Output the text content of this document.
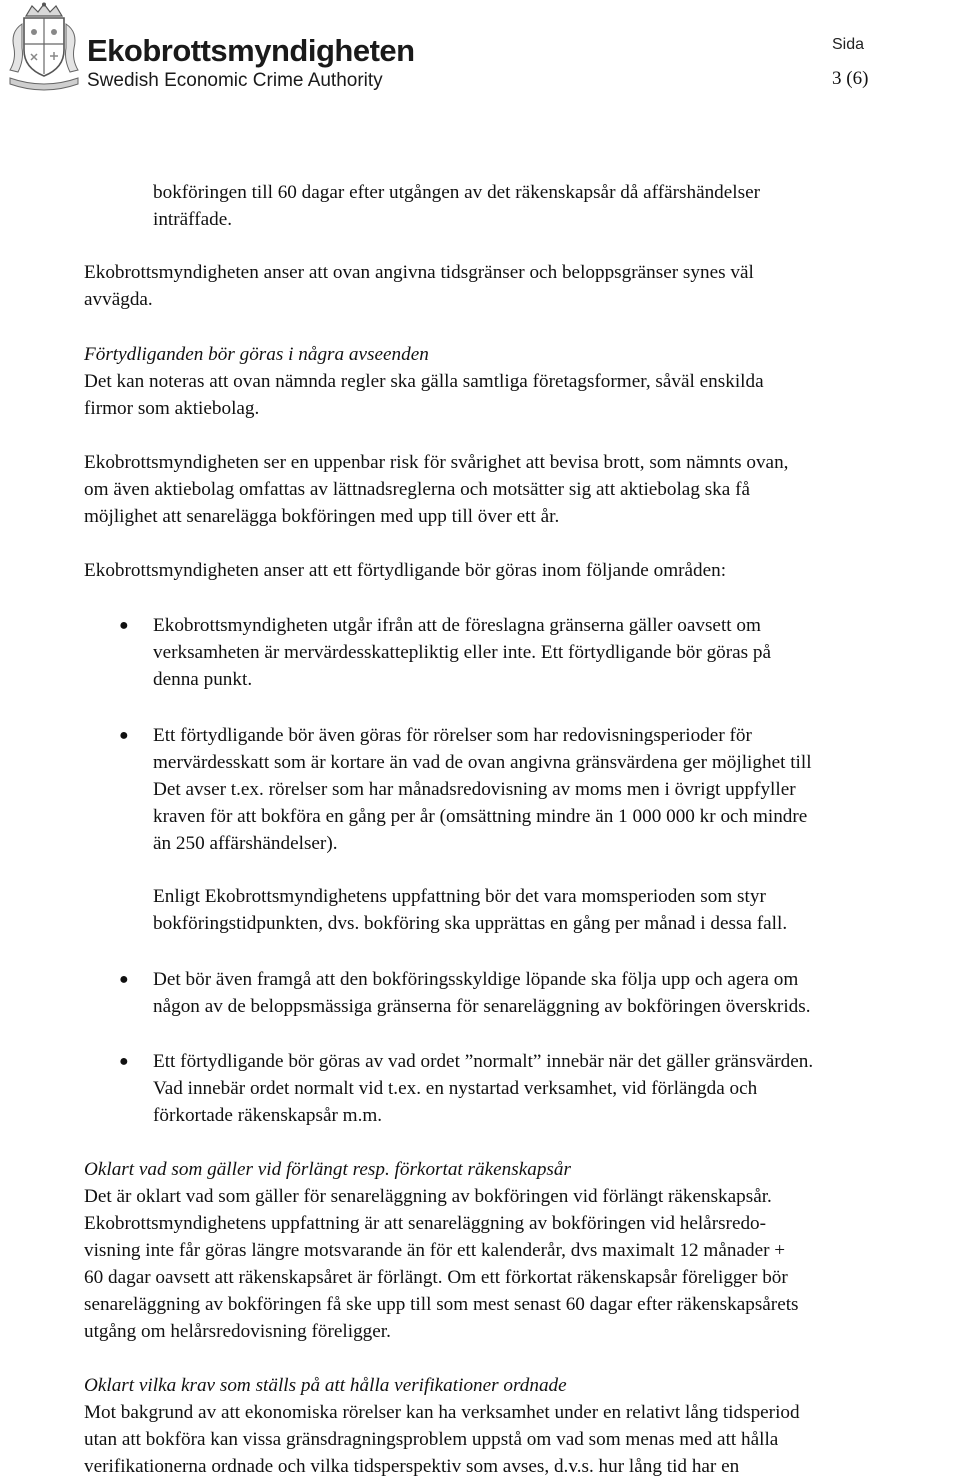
Ekobrottsmyndigheten
Swedish Economic Crime Authority
Sida
3 (6)

bokföringen till 60 dagar efter utgången av det räkenskapsår då affärshändelser
inträffade.

Ekobrottsmyndigheten anser att ovan angivna tidsgränser och beloppsgränser synes väl
avvägda.

Förtydliganden bör göras i några avseenden

Det kan noteras att ovan nämnda regler ska gälla samtliga företagsformer, såväl enskilda
firmor som aktiebolag.

Ekobrottsmyndigheten ser en uppenbar risk för svårighet att bevisa brott, som nämnts ovan,
om även aktiebolag omfattas av lättnadsreglerna och motsätter sig att aktiebolag ska få
möjlighet att senarelägga bokföringen med upp till över ett år.

Ekobrottsmyndigheten anser att ett förtydligande bör göras inom följande områden:

● Ekobrottsmyndigheten utgår ifrån att de föreslagna gränserna gäller oavsett om
verksamheten är mervärdesskattepliktig eller inte. Ett förtydligande bör göras på
denna punkt.

● Ett förtydligande bör även göras för rörelser som har redovisningsperioder för
mervärdesskatt som är kortare än vad de ovan angivna gränsvärdena ger möjlighet till
Det avser t.ex. rörelser som har månadsredovisning av moms men i övrigt uppfyller
kraven för att bokföra en gång per år (omsättning mindre än 1 000 000 kr och mindre
än 250 affärshändelser).

Enligt Ekobrottsmyndighetens uppfattning bör det vara momsperioden som styr
bokföringstidpunkten, dvs. bokföring ska upprättas en gång per månad i dessa fall.

● Det bör även framgå att den bokföringsskyldige löpande ska följa upp och agera om
någon av de beloppsmässiga gränserna för senareläggning av bokföringen överskrids.

● Ett förtydligande bör göras av vad ordet ”normalt” innebär när det gäller gränsvärden.
Vad innebär ordet normalt vid t.ex. en nystartad verksamhet, vid förlängda och
förkortade räkenskapsår m.m.

Oklart vad som gäller vid förlängt resp. förkortat räkenskapsår

Det är oklart vad som gäller för senareläggning av bokföringen vid förlängt räkenskapsår.
Ekobrottsmyndighetens uppfattning är att senareläggning av bokföringen vid helårsredo-
visning inte får göras längre motsvarande än för ett kalenderår, dvs maximalt 12 månader +
60 dagar oavsett att räkenskapsåret är förlängt. Om ett förkortat räkenskapsår föreligger bör
senareläggning av bokföringen få ske upp till som mest senast 60 dagar efter räkenskapsårets
utgång om helårsredovisning föreligger.

Oklart vilka krav som ställs på att hålla verifikationer ordnade

Mot bakgrund av att ekonomiska rörelser kan ha verksamhet under en relativt lång tidsperiod
utan att bokföra kan vissa gränsdragningsproblem uppstå om vad som menas med att hålla
verifikationerna ordnade och vilka tidsperspektiv som avses, d.v.s. hur lång tid har en
